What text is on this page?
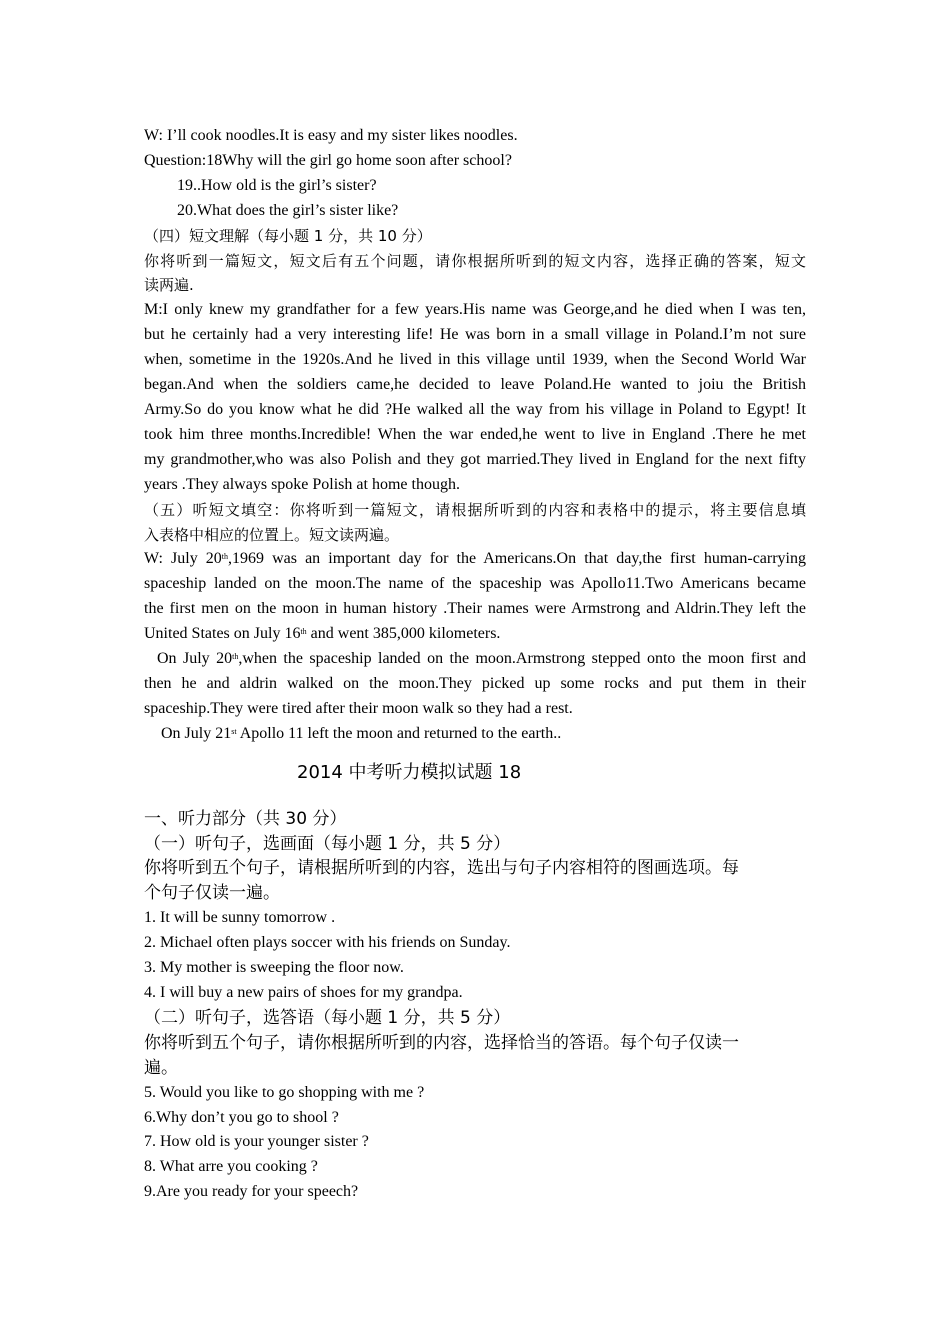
W: I’ll cook noodles.It is easy and my sister likes noodles.
Question:18Why will the girl go home soon after school?
19..How old is the girl’s sister?
20.What does the girl’s sister like?
（四）短文理解（每小题 1 分，共 10 分）
你将听到一篇短文，短文后有五个问题，请你根据所听到的短文内容，选择正确的答案，短文
读两遍.
M:I only knew my grandfather for a few years.His name was George,and he died when I was ten,
but he certainly had a very interesting life! He was born in a small village in Poland.I’m not sure
when, sometime in the 1920s.And he lived in this village until 1939, when the Second World War
began.And when the soldiers came,he decided to leave Poland.He wanted to joiu the British
Army.So do you know what he did ?He walked all the way from his village in Poland to Egypt! It
took him three months.Incredible! When the war ended,he went to live in England .There he met
my grandmother,who was also Polish and they got married.They lived in England for the next fifty
years .They always spoke Polish at home though.
（五）听短文填空：你将听到一篇短文，请根据所听到的内容和表格中的提示，将主要信息填
入表格中相应的位置上。短文读两遍。
W: July 20th,1969 was an important day for the Americans.On that day,the first human-carrying
spaceship landed on the moon.The name of the spaceship was Apollo11.Two Americans became
the first men on the moon in human history .Their names were Armstrong and Aldrin.They left the
United States on July 16th and went 385,000 kilometers.
On July 20th,when the spaceship landed on the moon.Armstrong stepped onto the moon first and
then he and aldrin walked on the moon.They picked up some rocks and put them in their
spaceship.They were tired after their moon walk so they had a rest.
On July 21st Apollo 11 left the moon and returned to the earth..
2014 中考听力模拟试题 18
一、听力部分（共 30 分）
（一）听句子，选画面（每小题 1 分，共 5 分）
你将听到五个句子，请根据所听到的内容，选出与句子内容相符的图画选项。每
个句子仅读一遍。
1. It will be sunny tomorrow .
2. Michael often plays soccer with his friends on Sunday.
3. My mother is sweeping the floor now.
4. I will buy a new pairs of shoes for my grandpa.
（二）听句子，选答语（每小题 1 分，共 5 分）
你将听到五个句子，请你根据所听到的内容，选择恰当的答语。每个句子仅读一
遍。
5. Would you like to go shopping with me ?
6.Why don’t you go to shool ?
7. How old is your younger sister ?
8. What arre you cooking ?
9.Are you ready for your speech?
